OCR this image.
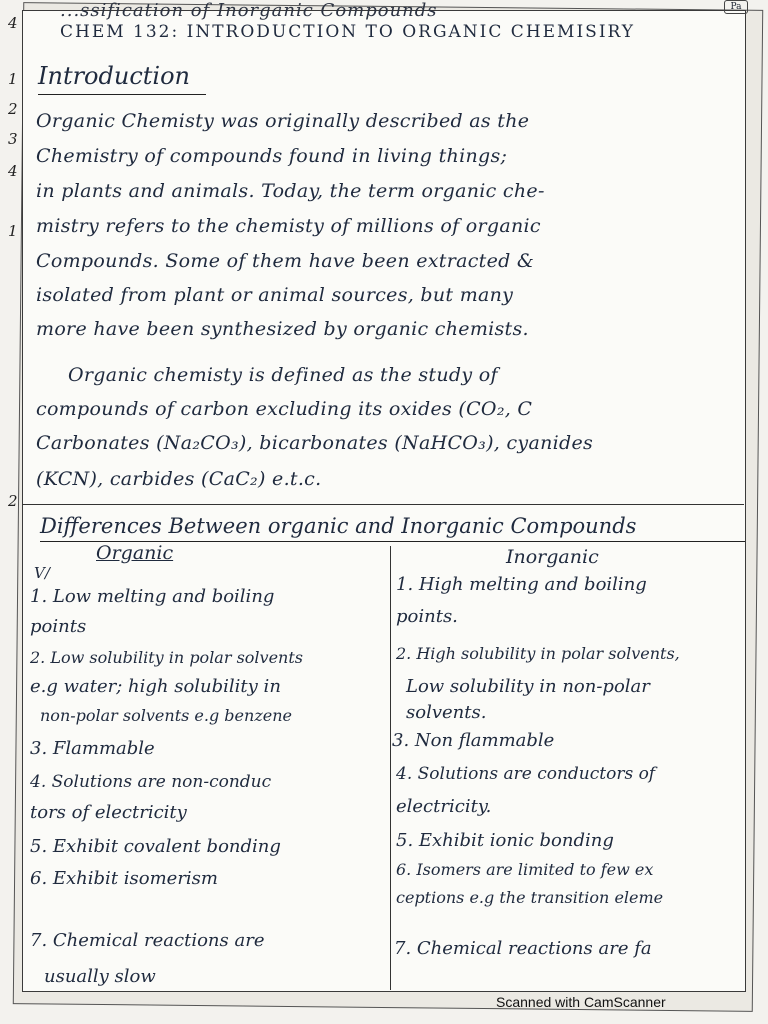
...ssification of Inorganic Compounds
CHEM 132: INTRODUCTION TO ORGANIC CHEMISIRY
Pa
4
1
2
3
4
1
2
Introduction
Organic Chemisty was originally described as the
Chemistry of compounds found in living things;
in plants and animals. Today, the term organic che-
mistry refers to the chemisty of millions of organic
Compounds. Some of them have been extracted &
isolated from plant or animal sources, but many
more have been synthesized by organic chemists.
Organic chemisty is defined as the study of
compounds of carbon excluding its oxides (CO₂, C
Carbonates (Na₂CO₃), bicarbonates (NaHCO₃), cyanides
(KCN), carbides (CaC₂) e.t.c.
Differences Between organic and Inorganic Compounds
Organic	Inorganic
V/
1. Low melting and boiling
points
2. Low solubility in polar solvents
e.g water; high solubility in
non-polar solvents e.g benzene
3. Flammable
4. Solutions are non-conduc
tors of electricity
5. Exhibit covalent bonding
6. Exhibit isomerism
7. Chemical reactions are
usually slow
1. High melting and boiling
points.
2. High solubility in polar solvents,
Low solubility in non-polar
solvents.
3. Non flammable
4. Solutions are conductors of
electricity.
5. Exhibit ionic bonding
6. Isomers are limited to few ex
ceptions e.g the transition eleme
7. Chemical reactions are fa
Scanned with CamScanner
